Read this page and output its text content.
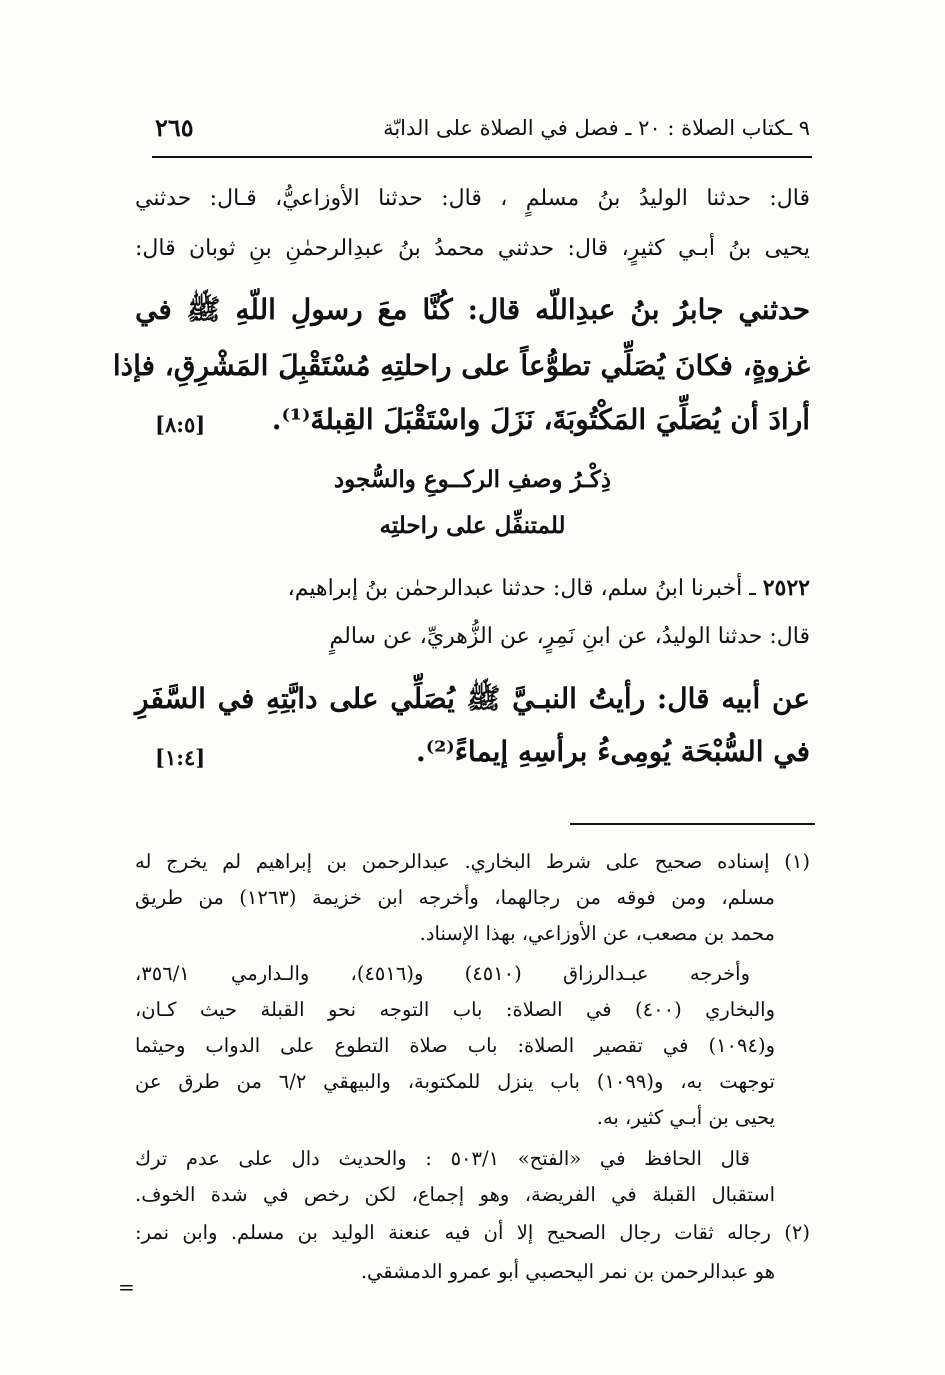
٩ ـكتاب الصلاة : ٢٠ ـ فصل في الصلاة على الدابّة
٢٦٥
قال: حدثنا الوليدُ بنُ مسلمٍ ، قال: حدثنا الأوزاعيُّ، قـال: حدثني
يحيى بنُ أبـي كثيرٍ، قال: حدثني محمدُ بنُ عبدِالرحمٰنِ بنِ ثوبان قال:
حدثني جابرُ بنُ عبدِاللّه قال: كُنَّا معَ رسولِ اللّهِ ﷺ في
غزوةٍ، فكانَ يُصَلِّي تطوُّعاً على راحلتِهِ مُسْتَقْبِلَ المَشْرِقِ، فإذا
أرادَ أن يُصَلِّيَ المَكْتُوبَةَ، نَزَلَ واسْتَقْبَلَ القِبلةَ⁽¹⁾.
[٨:٥]
ذِكْـرُ وصفِ الركــوعِ والسُّجود
للمتنفِّل على راحلتِه
٢٥٢٢ ـ أخبرنا ابنُ سلم، قال: حدثنا عبدالرحمٰن بنُ إبراهيم،
قال: حدثنا الوليدُ، عن ابنِ نَمِرٍ، عن الزُّهريِّ، عن سالمٍ
عن أبيه قال: رأيتُ النبـيَّ ﷺ يُصَلِّي على دابَّتِهِ في السَّفَرِ
في السُّبْحَة يُومِىءُ برأسِهِ إيماءً⁽²⁾.
[١:٤]
(١) إسناده صحيح على شرط البخاري. عبدالرحمن بن إبراهيم لم يخرج له
مسلم، ومن فوقه من رجالهما، وأخرجه ابن خزيمة (١٢٦٣) من طريق
محمد بن مصعب، عن الأوزاعي، بهذا الإسناد.
وأخرجه عبـدالرزاق (٤٥١٠) و(٤٥١٦)، والـدارمي ٣٥٦/١،
والبخاري (٤٠٠) في الصلاة: باب التوجه نحو القبلة حيث كـان،
و(١٠٩٤) في تقصير الصلاة: باب صلاة التطوع على الدواب وحيثما
توجهت به، و(١٠٩٩) باب ينزل للمكتوبة، والبيهقي ٦/٢ من طرق عن
يحيى بن أبـي كثير، به.
قال الحافظ في «الفتح» ٥٠٣/١ : والحديث دال على عدم ترك
استقبال القبلة في الفريضة، وهو إجماع، لكن رخص في شدة الخوف.
(٢) رجاله ثقات رجال الصحيح إلا أن فيه عنعنة الوليد بن مسلم. وابن نمر:
هو عبدالرحمن بن نمر اليحصبي أبو عمرو الدمشقي.
=
